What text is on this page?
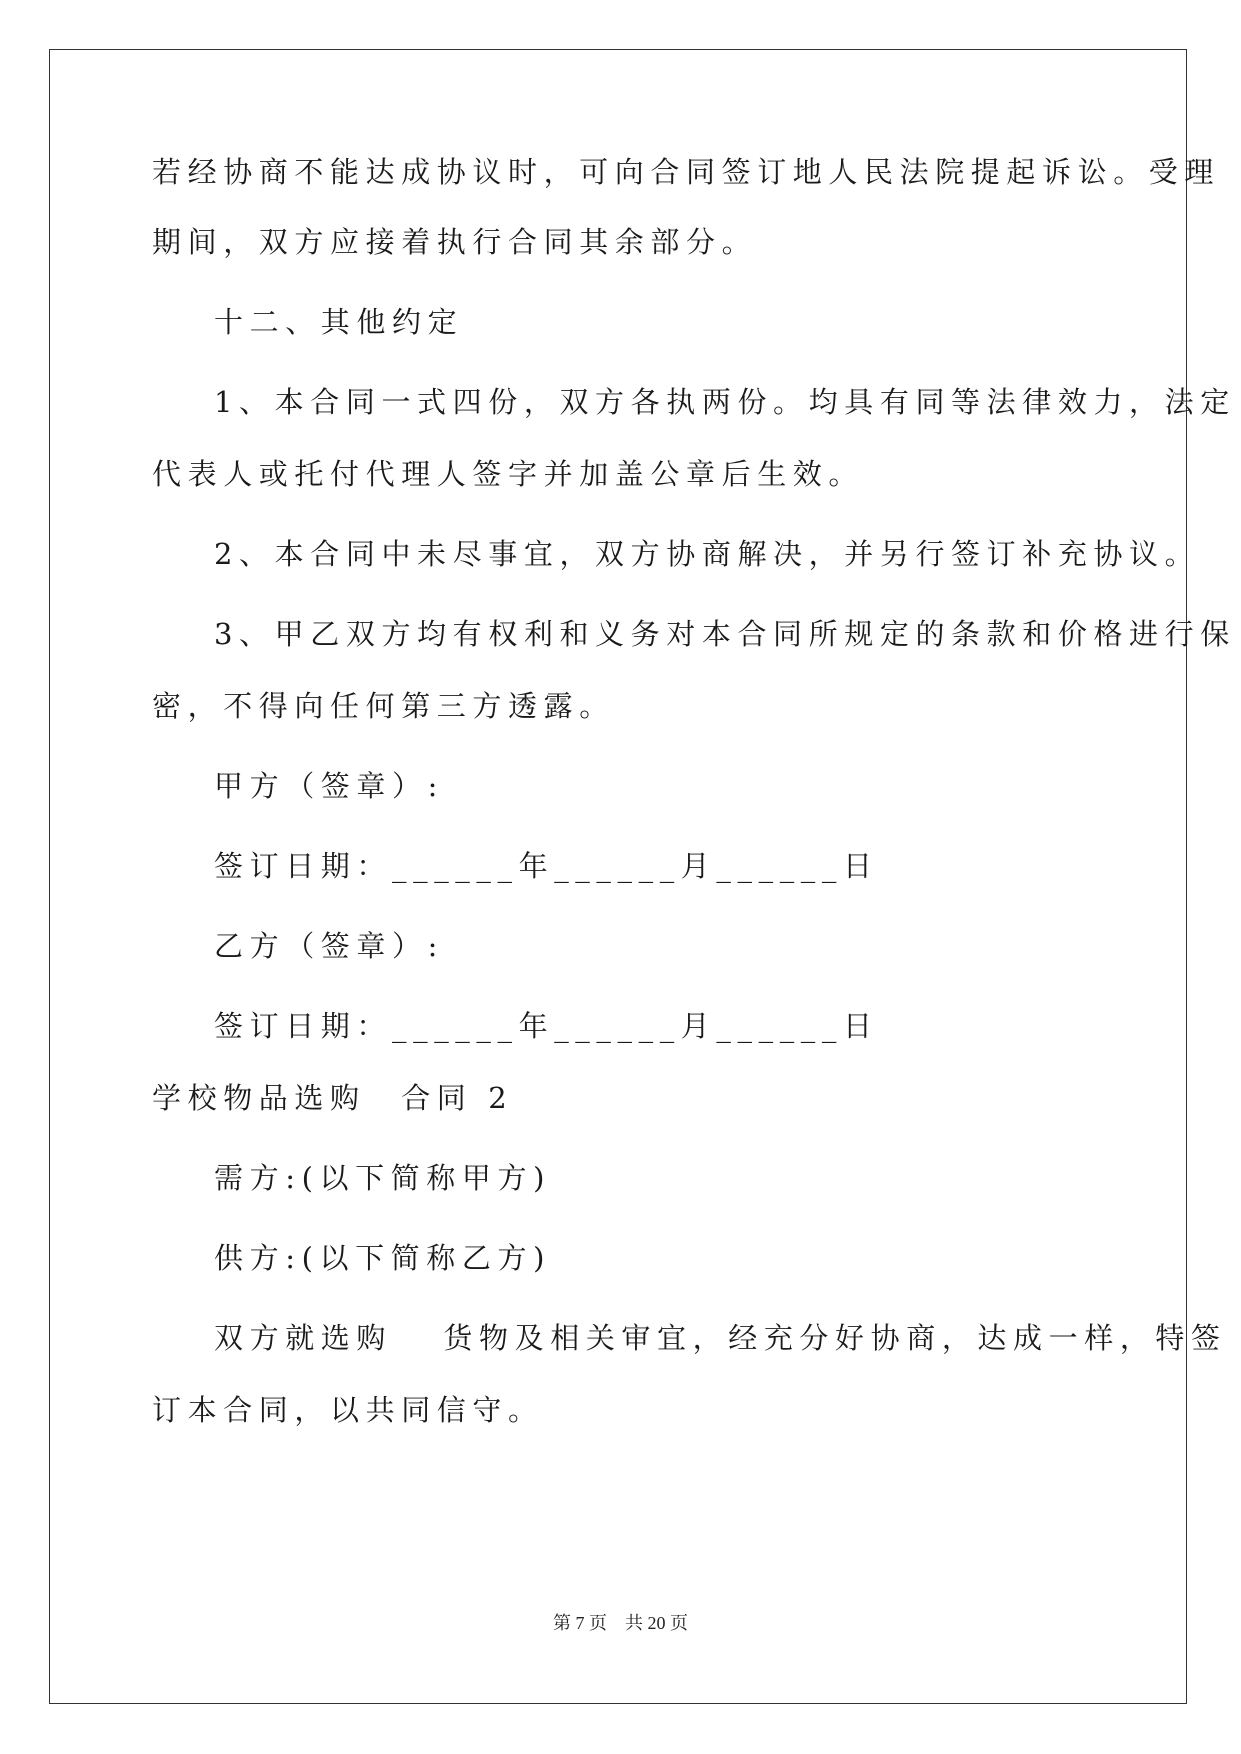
若经协商不能达成协议时，可向合同签订地人民法院提起诉讼。受理
期间，双方应接着执行合同其余部分。
十二、其他约定
1、本合同一式四份，双方各执两份。均具有同等法律效力，法定
代表人或托付代理人签字并加盖公章后生效。
2、本合同中未尽事宜，双方协商解决，并另行签订补充协议。
3、甲乙双方均有权利和义务对本合同所规定的条款和价格进行保
密，不得向任何第三方透露。
甲方（签章）:
签订日期：______年______月______日
乙方（签章）:
签订日期：______年______月______日
学校物品选购　合同 2
需方:(以下简称甲方)
供方:(以下简称乙方)
双方就选购　 货物及相关审宜，经充分好协商，达成一样，特签
订本合同，以共同信守。
第 7 页　共 20 页
